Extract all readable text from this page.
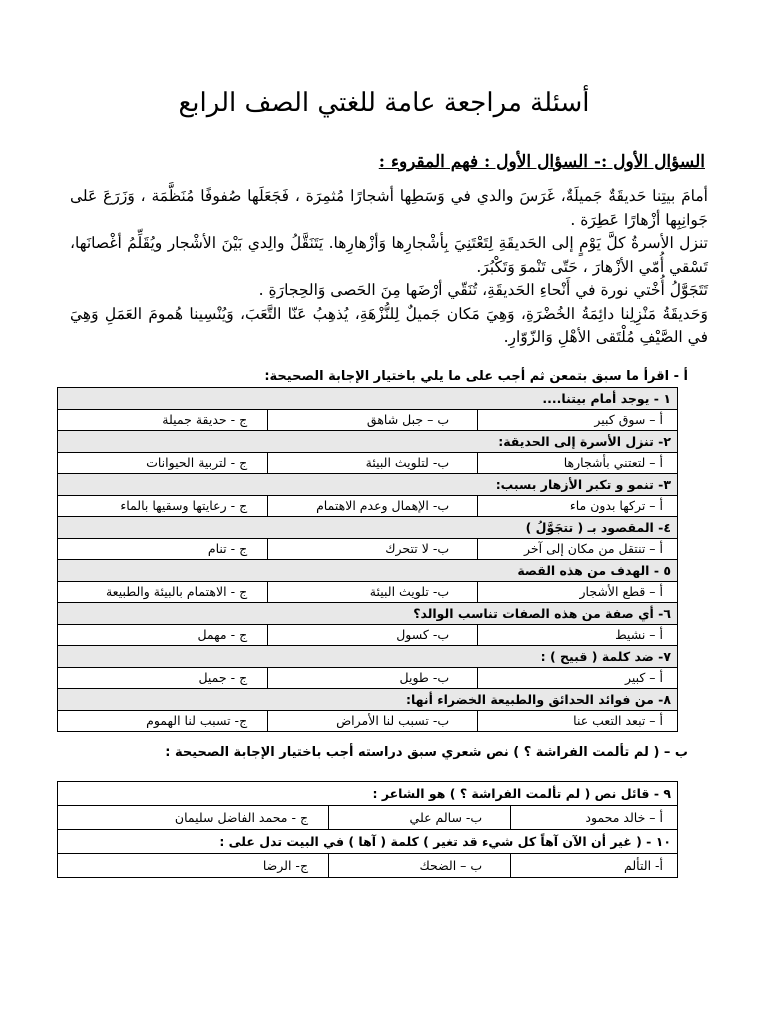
أسئلة مراجعة عامة للغتي الصف الرابع
السؤال الأول :- السؤال الأول : فهم المقروء :

أمامَ بيتِنا حَديقَةٌ جَميلَةٌ، غَرَسَ والدي في وَسَطِها أشجارًا مُثمِرَة ، فَجَعَلَها صُفوفًا مُنَظَّمَة ، وَزَرَعَ عَلى جَوانِبِها أزْهارًا عَطِرَة .

تنزل الأسرةُ كلَّ يَوْمٍ إلى الحَديقَةِ لِتَعْتَنِيَ بِأشْجارِها وَأزْهارِها. يَتَنَقَّلُ والِدي بَيْنَ الأشْجار ويُقَلِّمُ أغْصانَها، تَسْقي أُمّي الأزْهارَ ، حَتّى تَنْموَ وَتَكْبُرَ.

تَتَجَوَّلُ أُخْتي نورة في أَنْحاءِ الحَديقَةِ، تُنَقّي أرْضَها مِنَ الحَصى وَالحِجارَةِ .

وَحَديقَةُ مَنْزِلِنا دائِمَةُ الخُضْرَةِ، وَهِيَ مَكان جَميلٌ لِلنُّزْهَةِ، يُذهِبُ عَنّا التَّعَبَ، وَيُنْسِينا هُمومَ العَمَلِ وَهِيَ في الصَّيْفِ مُلْتَقى الأهْلِ وَالزّوّارِ.

أ - اقرأ ما سبق بتمعن ثم أجب على ما يلي باختيار الإجابة الصحيحة:
١ - يوجد أمام بيتنا....		
أ – سوق كبير	ب – جبل شاهق	ج - حديقة جميلة
٢- تنزل الأسرة إلى الحديقة:		
أ – لتعتني بأشجارها	ب- لتلويث البيئة	ج - لتربية الحيوانات
٣- تنمو و تكبر الأزهار بسبب:		
أ – تركها بدون ماء	ب- الإهمال وعدم الاهتمام	ج - رعايتها وسقيها بالماء
٤- المقصود بـ ( تتجَوَّلُ )		
أ – تنتقل من مكان إلى آخر	ب- لا تتحرك	ج - تنام
٥ - الهدف من هذه القصة		
أ – قطع الأشجار	ب- تلويث البيئة	ج - الاهتمام بالبيئة والطبيعة
٦- أي صفة من هذه الصفات تناسب الوالد؟		
أ – نشيط	ب- كسول	ج - مهمل
٧- ضد كلمة ( قبيح ) :		
أ – كبير	ب- طويل	ج - جميل
٨- من فوائد الحدائق والطبيعة الخضراء أنها:		
أ – تبعد التعب عنا	ب- تسبب لنا الأمراض	ج- تسبب لنا الهموم
ب – ( لم تألمت الفراشة ؟ ) نص شعري سبق دراسته أجب باختيار الإجابة الصحيحة :
٩ - قائل نص ( لم تألمت الفراشة ؟ ) هو الشاعر :		
أ – خالد محمود	ب- سالم علي	ج - محمد الفاضل سليمان
١٠ - ( غير أن الآن آهاً كل شيء قد تغير ) كلمة ( آها ) في البيت تدل على :		
أ- التألم	ب – الضحك	ج- الرضا
